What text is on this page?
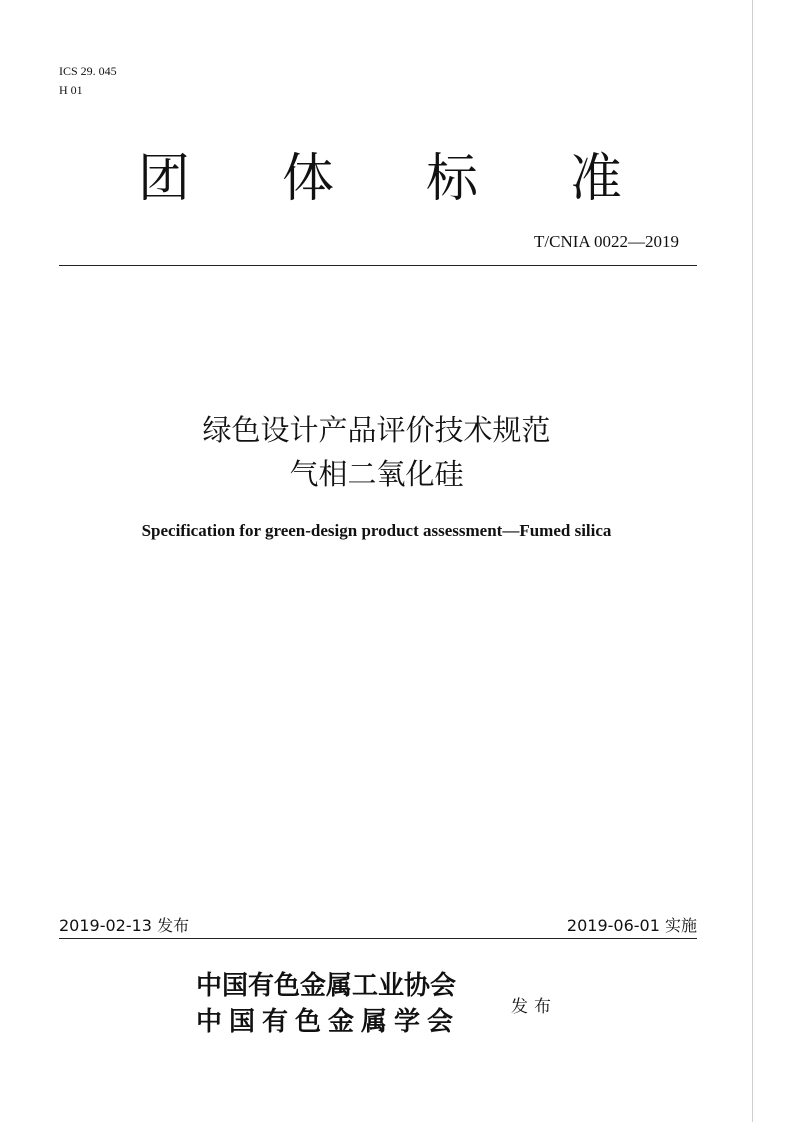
ICS 29. 045
H 01
团 体 标 准
T/CNIA 0022—2019
绿色设计产品评价技术规范
气相二氧化硅
Specification for green-design product assessment—Fumed silica
2019-02-13 发布	2019-06-01 实施
中国有色金属工业协会
中国有色金属学会	发布
